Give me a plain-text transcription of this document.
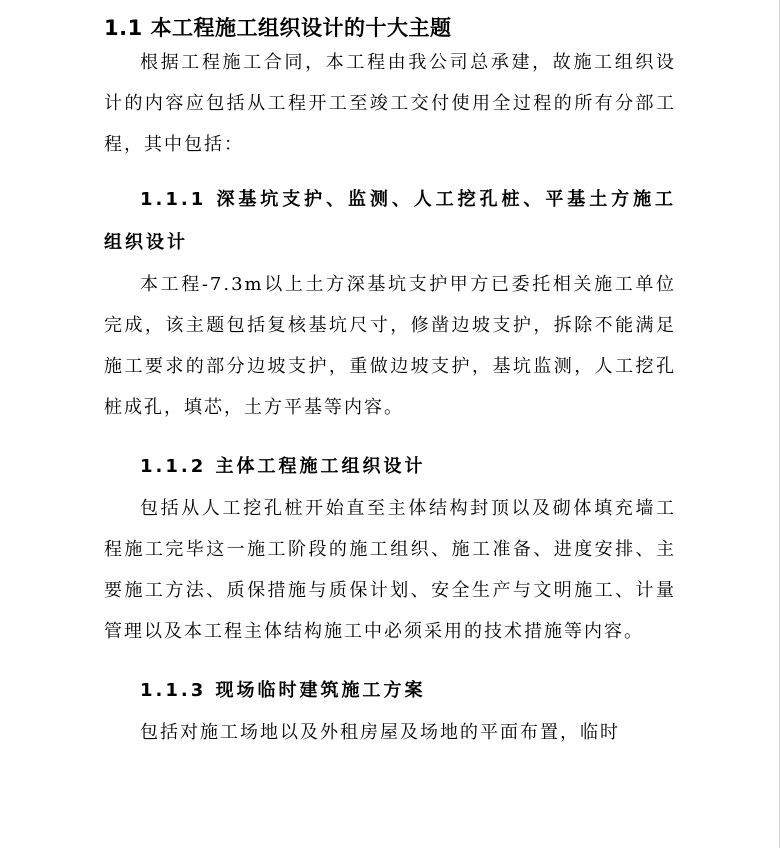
1.1 本工程施工组织设计的十大主题

根据工程施工合同，本工程由我公司总承建，故施工组织设计的内容应包括从工程开工至竣工交付使用全过程的所有分部工程，其中包括：

1.1.1 深基坑支护、监测、人工挖孔桩、平基土方施工组织设计

本工程-7.3m以上土方深基坑支护甲方已委托相关施工单位完成，该主题包括复核基坑尺寸，修凿边坡支护，拆除不能满足施工要求的部分边坡支护，重做边坡支护，基坑监测，人工挖孔桩成孔，填芯，土方平基等内容。

1.1.2 主体工程施工组织设计

包括从人工挖孔桩开始直至主体结构封顶以及砌体填充墙工程施工完毕这一施工阶段的施工组织、施工准备、进度安排、主要施工方法、质保措施与质保计划、安全生产与文明施工、计量管理以及本工程主体结构施工中必须采用的技术措施等内容。

1.1.3 现场临时建筑施工方案

包括对施工场地以及外租房屋及场地的平面布置，临时
